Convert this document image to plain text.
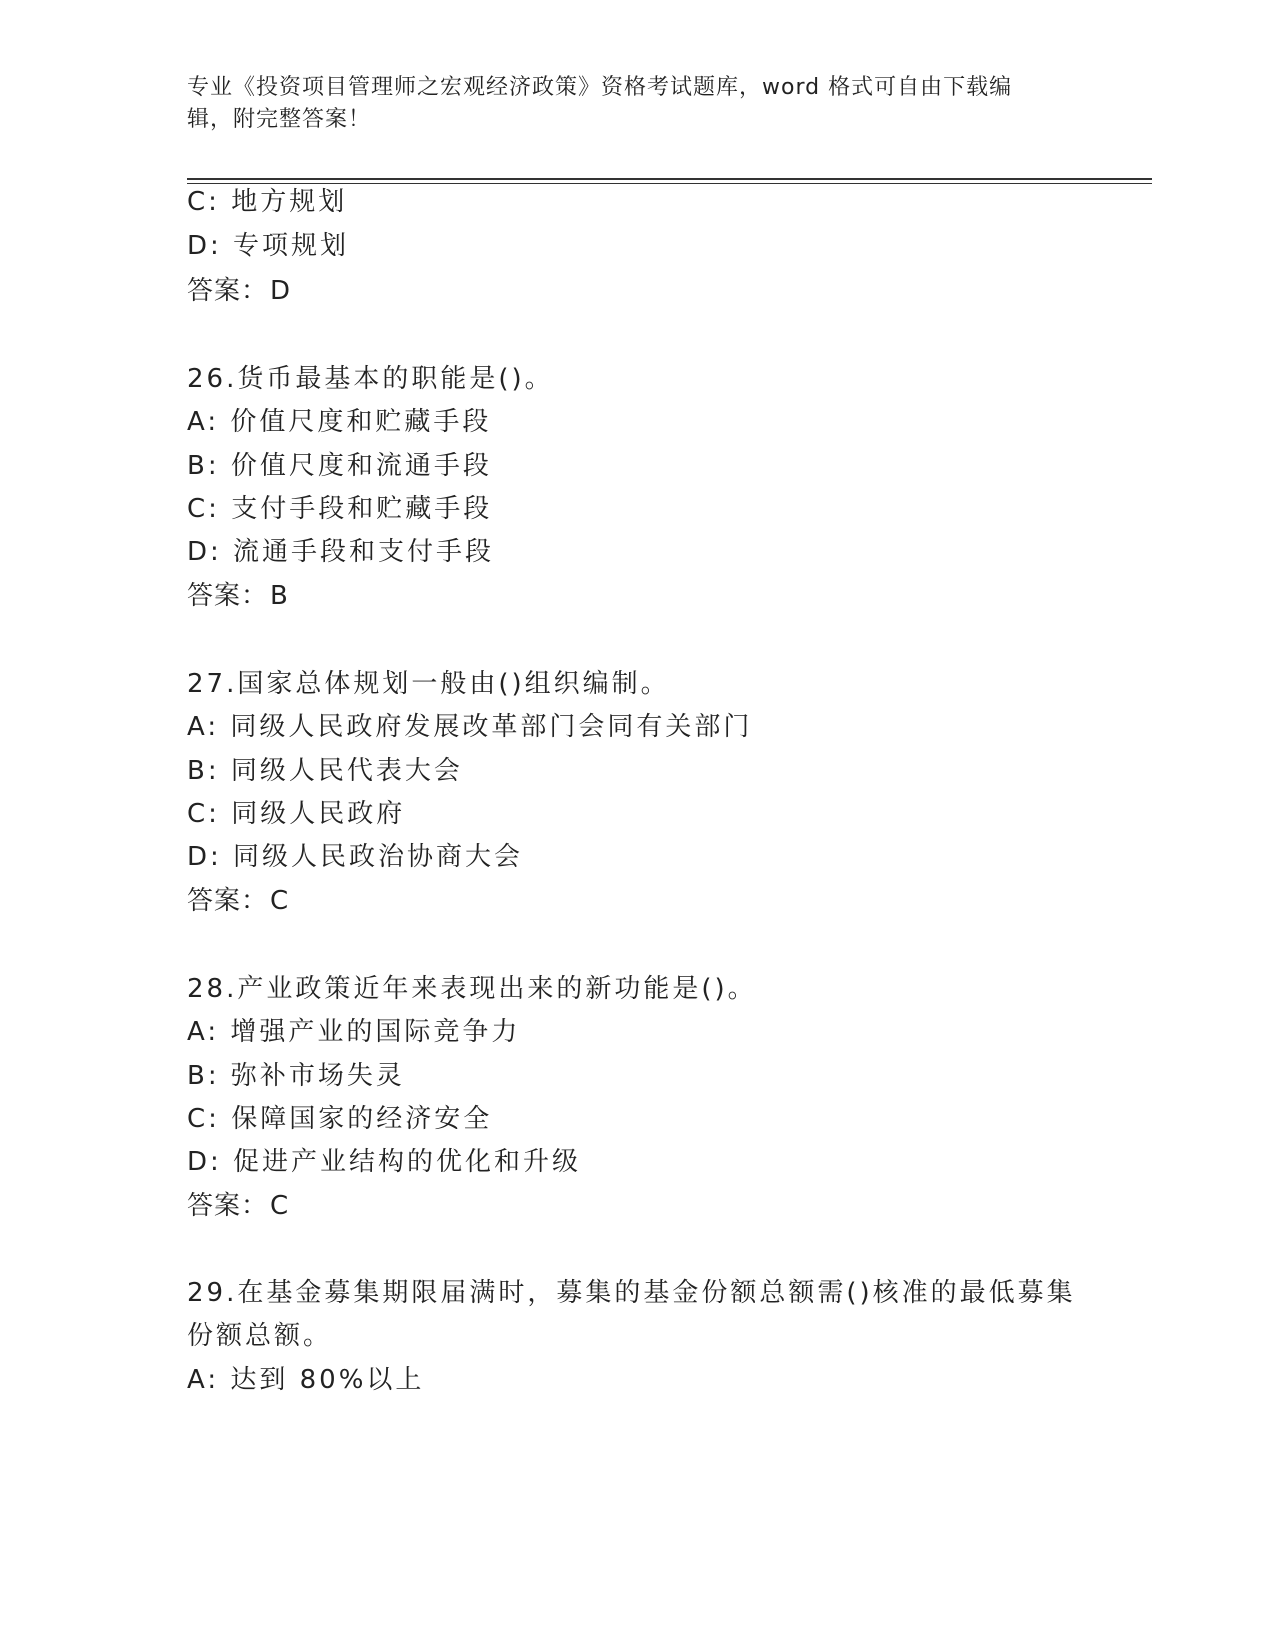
专业《投资项目管理师之宏观经济政策》资格考试题库，word 格式可自由下载编
辑，附完整答案！
C: 地方规划
D: 专项规划
答案：D
26.货币最基本的职能是()。
A: 价值尺度和贮藏手段
B: 价值尺度和流通手段
C: 支付手段和贮藏手段
D: 流通手段和支付手段
答案：B
27.国家总体规划一般由()组织编制。
A: 同级人民政府发展改革部门会同有关部门
B: 同级人民代表大会
C: 同级人民政府
D: 同级人民政治协商大会
答案：C
28.产业政策近年来表现出来的新功能是()。
A: 增强产业的国际竞争力
B: 弥补市场失灵
C: 保障国家的经济安全
D: 促进产业结构的优化和升级
答案：C
29.在基金募集期限届满时，募集的基金份额总额需()核准的最低募集
份额总额。
A: 达到 80%以上
